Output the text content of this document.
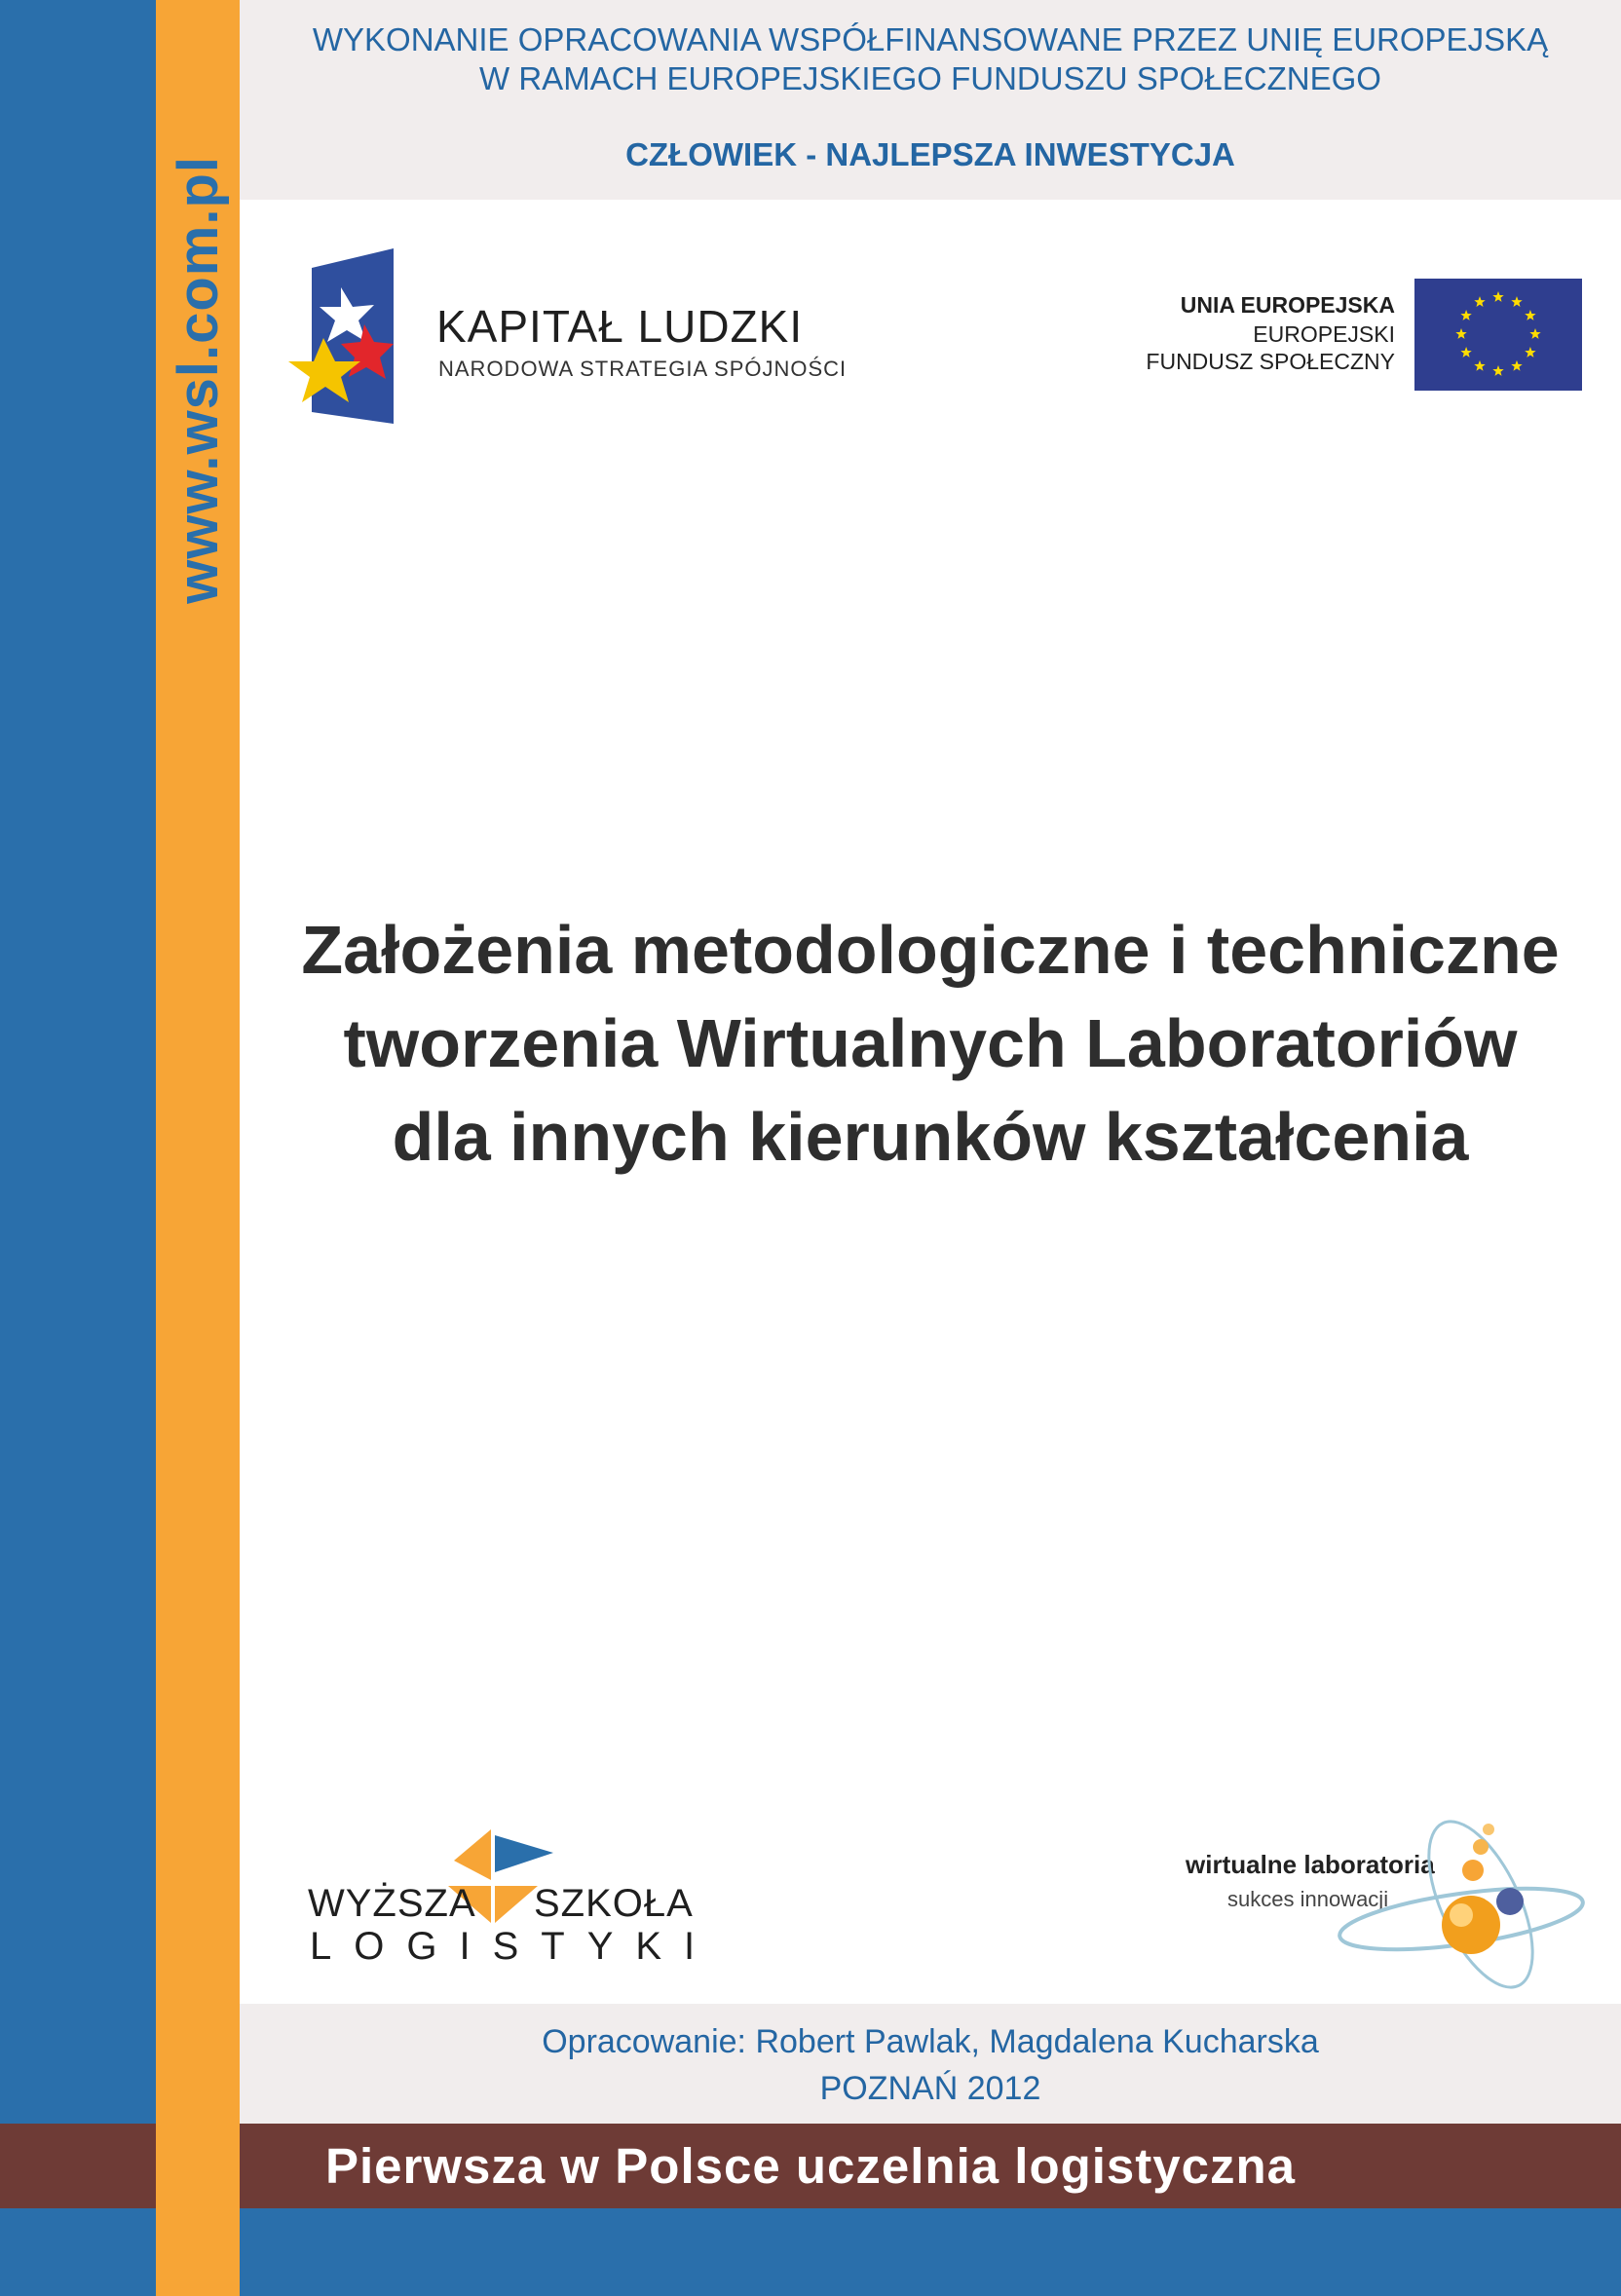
Pierwsza w Polsce uczelnia logistyczna
www.wsl.com.pl
WYKONANIE OPRACOWANIA WSPÓŁFINANSOWANE PRZEZ UNIĘ EUROPEJSKĄ
W RAMACH EUROPEJSKIEGO FUNDUSZU SPOŁECZNEGO
CZŁOWIEK - NAJLEPSZA INWESTYCJA
KAPITAŁ LUDZKI
NARODOWA STRATEGIA SPÓJNOŚCI
UNIA EUROPEJSKA
EUROPEJSKI
FUNDUSZ SPOŁECZNY
Założenia metodologiczne i techniczne
tworzenia Wirtualnych Laboratoriów
dla innych kierunków kształcenia
WYŻSZA SZKOŁA
LOGISTYKI
wirtualne laboratoria
sukces innowacji
Opracowanie: Robert Pawlak, Magdalena Kucharska
POZNAŃ 2012
